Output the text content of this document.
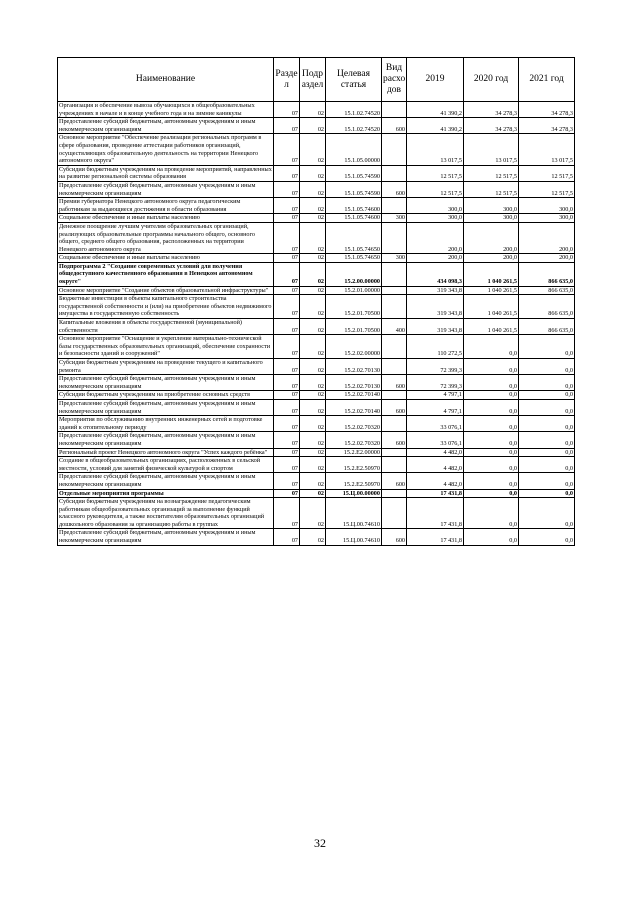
Наименование	Разде л	Подр аздел	Целевая статья	Вид расхо дов	2019	2020 год	2021 год
Организация и обеспечение вывоза обучающихся в общеобразовательных учреждениях в начале и в конце учебного года и на зимние каникулы	07	02	15.1.02.74520		41 390,2	34 278,3	34 278,3
Предоставление субсидий бюджетным, автономным учреждениям и иным некоммерческим организациям	07	02	15.1.02.74520	600	41 390,2	34 278,3	34 278,3
Основное мероприятие "Обеспечение реализации региональных программ в сфере образования, проведение аттестации работников организаций, осуществляющих образовательную деятельность на территории Ненецкого автономного округа"	07	02	15.1.05.00000		13 017,5	13 017,5	13 017,5
Субсидии бюджетным учреждениям на проведение мероприятий, направленных на развитие региональной системы образования	07	02	15.1.05.74590		12 517,5	12 517,5	12 517,5
Предоставление субсидий бюджетным, автономным учреждениям и иным некоммерческим организациям	07	02	15.1.05.74590	600	12 517,5	12 517,5	12 517,5
Премии губернатора Ненецкого автономного округа педагогическим работникам за выдающиеся достижения в области образования	07	02	15.1.05.74600		300,0	300,0	300,0
Социальное обеспечение и иные выплаты населению	07	02	15.1.05.74600	300	300,0	300,0	300,0
Денежное поощрение лучшим учителям образовательных организаций, реализующих образовательные программы начального общего, основного общего, среднего общего образования, расположенных на территории Ненецкого автономного округа	07	02	15.1.05.74650		200,0	200,0	200,0
Социальное обеспечение и иные выплаты населению	07	02	15.1.05.74650	300	200,0	200,0	200,0
Подпрограмма 2 "Создание современных условий для получения общедоступного качественного образования в Ненецком автономном округе"	07	02	15.2.00.00000		434 098,3	1 040 261,5	866 635,0
Основное мероприятие "Создание объектов образовательной инфраструктуры"	07	02	15.2.01.00000		319 343,8	1 040 261,5	866 635,0
Бюджетные инвестиции в объекты капитального строительства государственной собственности и (или) на приобретение объектов недвижимого имущества в государственную собственность	07	02	15.2.01.70500		319 343,8	1 040 261,5	866 635,0
Капитальные вложения в объекты государственной (муниципальной) собственности	07	02	15.2.01.70500	400	319 343,8	1 040 261,5	866 635,0
Основное мероприятие "Оснащение и укрепление материально-технической базы государственных образовательных организаций, обеспечение сохранности и безопасности зданий и сооружений"	07	02	15.2.02.00000		110 272,5	0,0	0,0
Субсидии бюджетным учреждениям на проведение текущего и капитального ремонта	07	02	15.2.02.70130		72 399,3	0,0	0,0
Предоставление субсидий бюджетным, автономным учреждениям и иным некоммерческим организациям	07	02	15.2.02.70130	600	72 399,3	0,0	0,0
Субсидии бюджетным учреждениям на приобретение основных средств	07	02	15.2.02.70140		4 797,1	0,0	0,0
Предоставление субсидий бюджетным, автономным учреждениям и иным некоммерческим организациям	07	02	15.2.02.70140	600	4 797,1	0,0	0,0
Мероприятия по обслуживанию внутренних инженерных сетей и подготовке зданий к отопительному периоду	07	02	15.2.02.70320		33 076,1	0,0	0,0
Предоставление субсидий бюджетным, автономным учреждениям и иным некоммерческим организациям	07	02	15.2.02.70320	600	33 076,1	0,0	0,0
Региональный проект Ненецкого автономного округа "Успех каждого ребёнка"	07	02	15.2.E2.00000		4 482,0	0,0	0,0
Создание в общеобразовательных организациях, расположенных в сельской местности, условий для занятий физической культурой и спортом	07	02	15.2.E2.50970		4 482,0	0,0	0,0
Предоставление субсидий бюджетным, автономным учреждениям и иным некоммерческим организациям	07	02	15.2.E2.50970	600	4 482,0	0,0	0,0
Отдельные мероприятия программы	07	02	15.Ц.00.00000		17 431,8	0,0	0,0
Субсидии бюджетным учреждениям на вознаграждение педагогическим работникам общеобразовательных организаций за выполнение функций классного руководителя, а также воспитателям образовательных организаций дошкольного образования за организацию работы в группах	07	02	15.Ц.00.74610		17 431,8	0,0	0,0
Предоставление субсидий бюджетным, автономным учреждениям и иным некоммерческим организациям	07	02	15.Ц.00.74610	600	17 431,8	0,0	0,0
32
